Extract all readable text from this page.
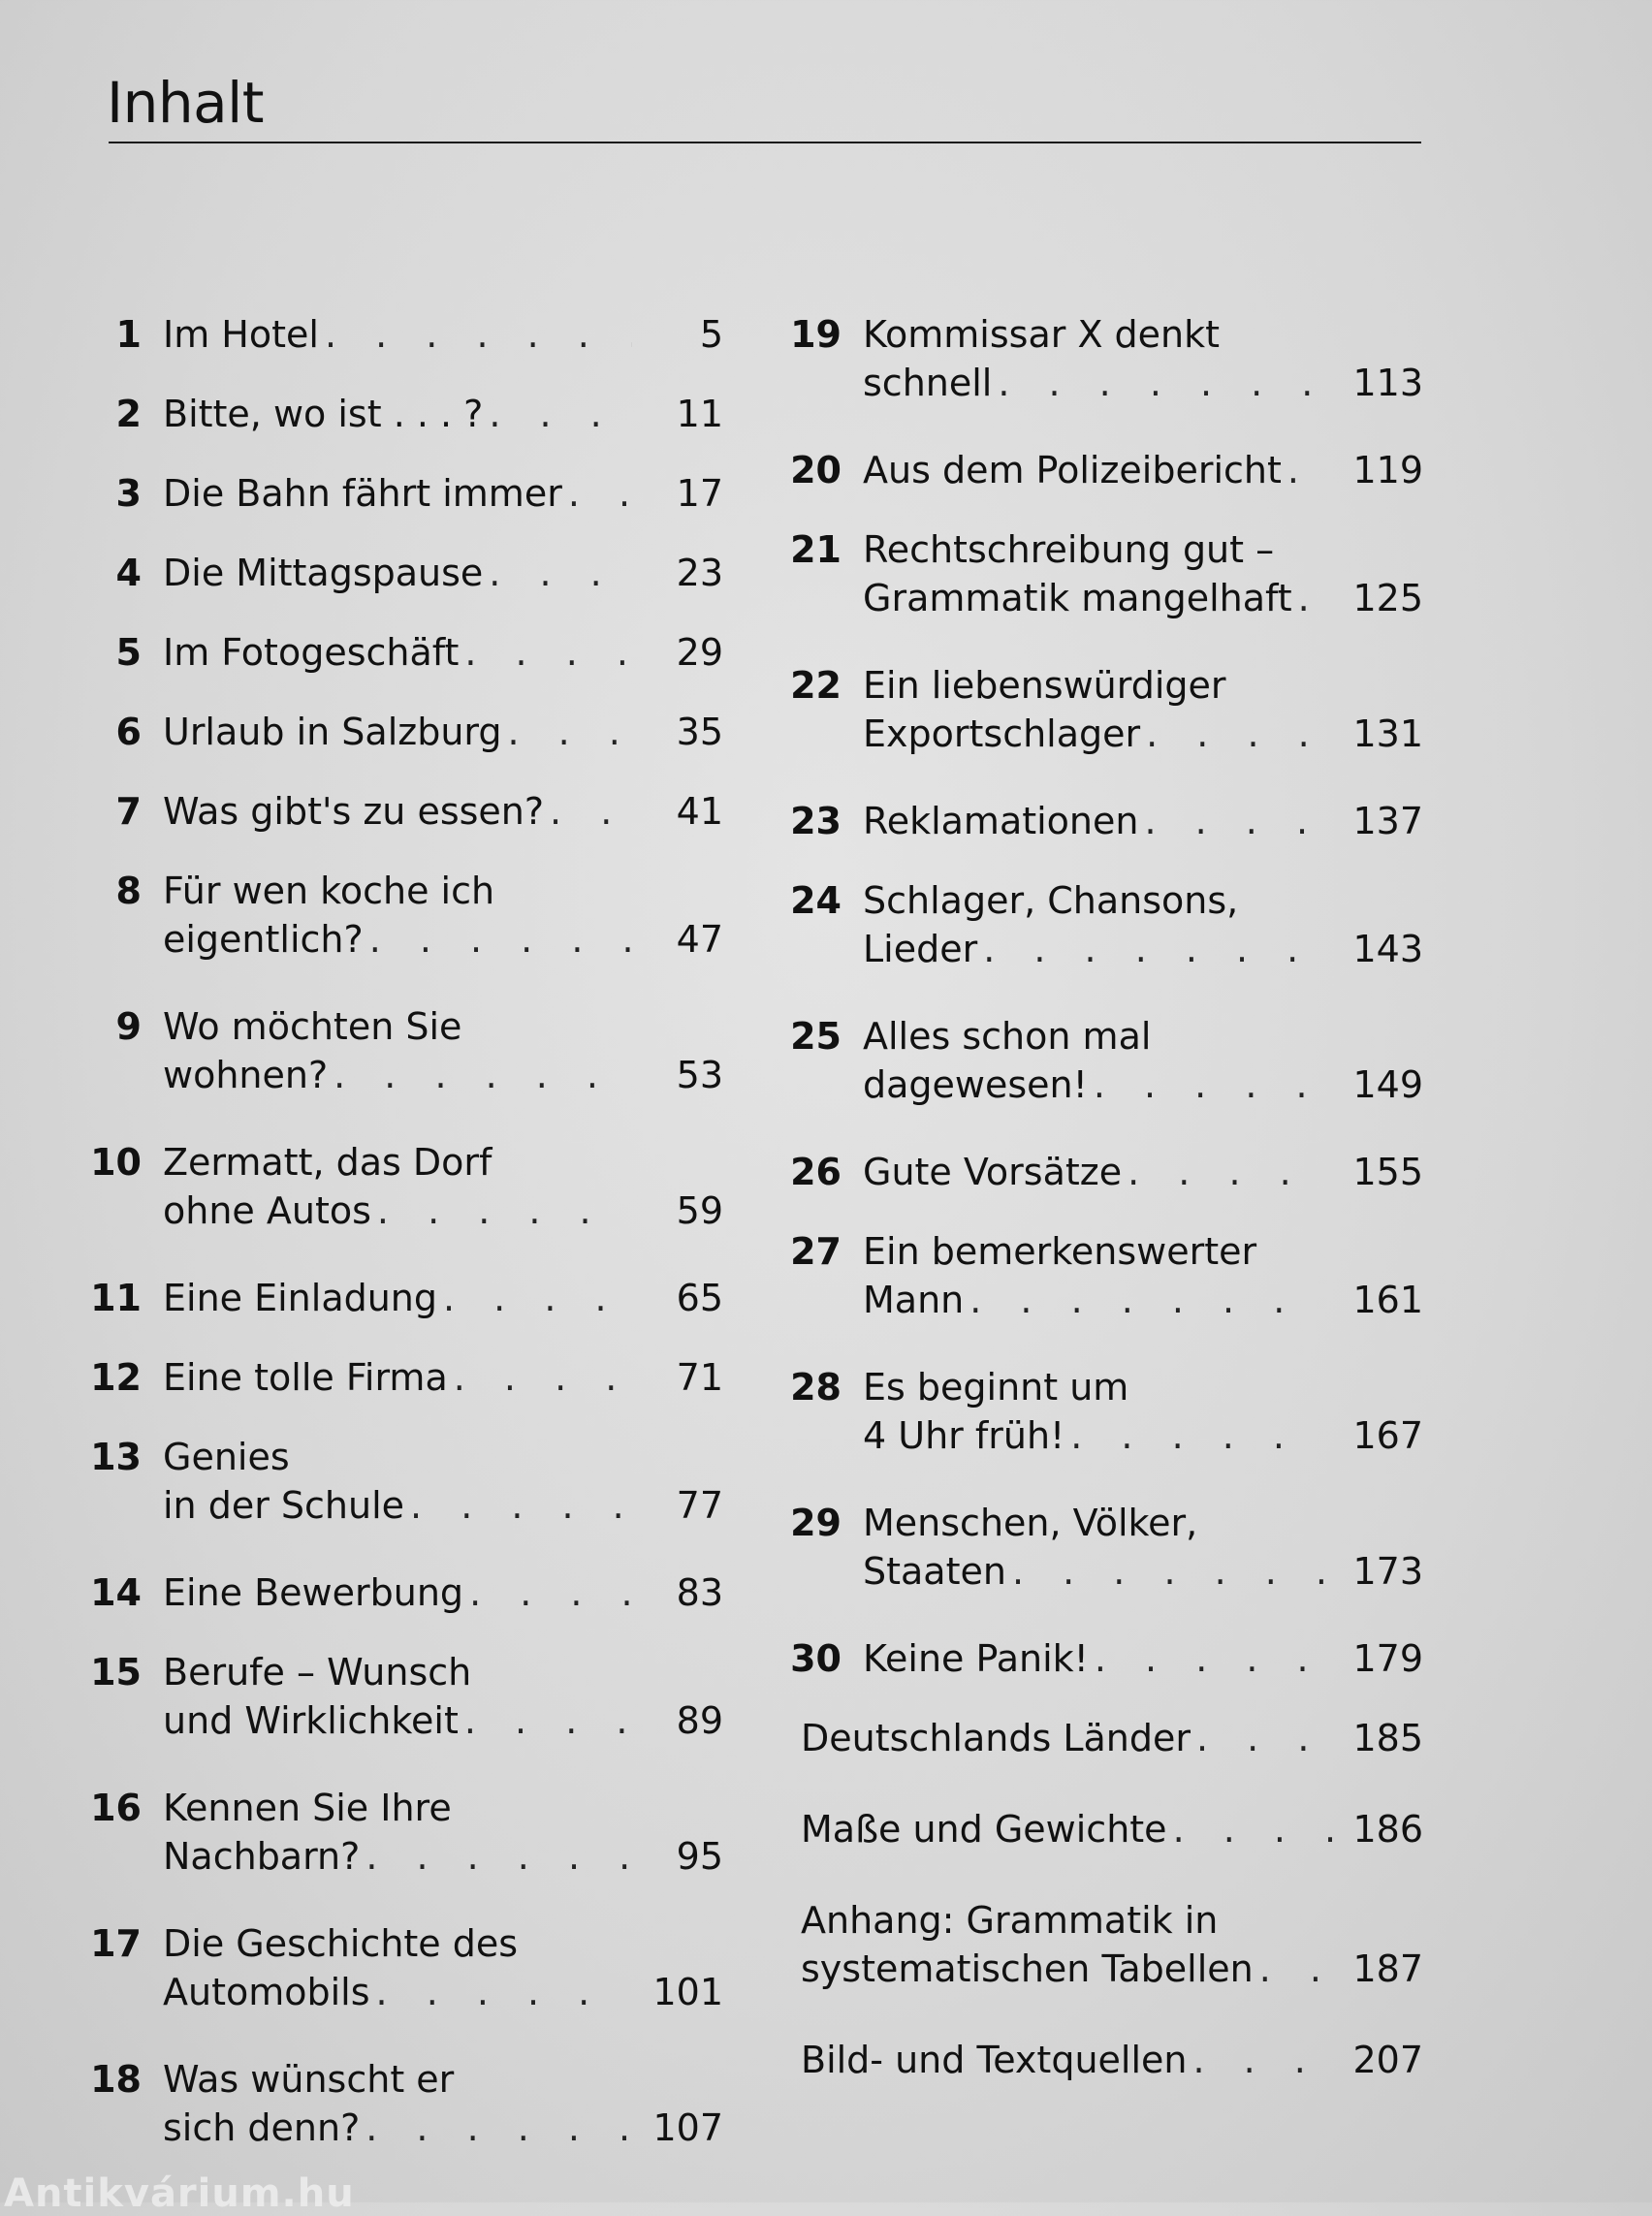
Inhalt
1 Im Hotel . . .	5
2 Bitte, wo ist . . . ? . . .	11
3 Die Bahn fährt immer . . .	17
4 Die Mittagspause . . .	23
5 Im Fotogeschäft . . .	29
6 Urlaub in Salzburg . . .	35
7 Was gibt's zu essen? . . .	41
8 Für wen koche ich
eigentlich? . . .	47
9 Wo möchten Sie
wohnen? . . .	53
10 Zermatt, das Dorf
ohne Autos . . .	59
11 Eine Einladung . . .	65
12 Eine tolle Firma . . .	71
13 Genies
in der Schule . . .	77
14 Eine Bewerbung . . .	83
15 Berufe – Wunsch
und Wirklichkeit . . .	89
16 Kennen Sie Ihre
Nachbarn? . . .	95
17 Die Geschichte des
Automobils . . .	101
18 Was wünscht er
sich denn? . . .	107
19 Kommissar X denkt
schnell . . .	113
20 Aus dem Polizeibericht . . .	119
21 Rechtschreibung gut –
Grammatik mangelhaft . . .	125
22 Ein liebenswürdiger
Exportschlager . . .	131
23 Reklamationen . . .	137
24 Schlager, Chansons,
Lieder . . .	143
25 Alles schon mal
dagewesen! . . .	149
26 Gute Vorsätze . . .	155
27 Ein bemerkenswerter
Mann . . .	161
28 Es beginnt um
4 Uhr früh! . . .	167
29 Menschen, Völker,
Staaten . . .	173
30 Keine Panik! . . .	179
Deutschlands Länder . . .	185
Maße und Gewichte . . .	186
Anhang: Grammatik in
systematischen Tabellen . . .	187
Bild- und Textquellen . . .	207
Antikvárium.hu
